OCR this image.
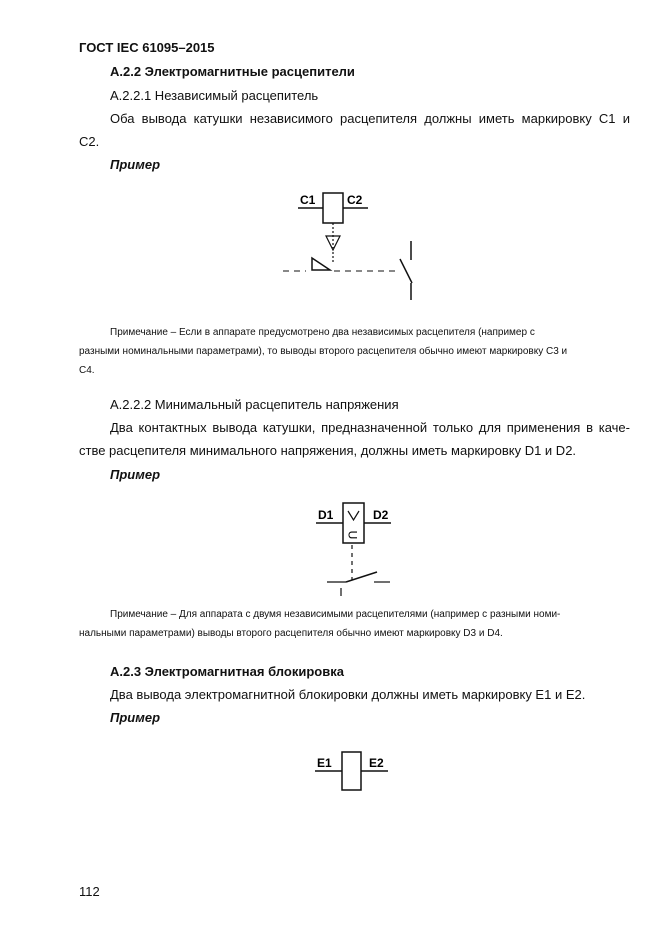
ГОСТ IEC 61095–2015
А.2.2 Электромагнитные расцепители
А.2.2.1 Независимый расцепитель
Оба вывода катушки независимого расцепителя должны иметь маркировку С1 и
С2.
Пример
C1	C2
Примечание – Если в аппарате предусмотрено два независимых расцепителя (например с
разными номинальными параметрами), то выводы второго расцепителя обычно имеют маркировку С3 и
С4.
А.2.2.2 Минимальный расцепитель напряжения
Два контактных вывода катушки, предназначенной только для применения в каче-
стве расцепителя минимального напряжения, должны иметь маркировку D1 и D2.
Пример
D1	D2
U
Примечание – Для аппарата с двумя независимыми расцепителями (например с разными номи-
нальными параметрами) выводы второго расцепителя обычно имеют маркировку D3 и D4.
А.2.3 Электромагнитная блокировка
Два вывода электромагнитной блокировки должны иметь маркировку Е1 и Е2.
Пример
E1	E2
112
